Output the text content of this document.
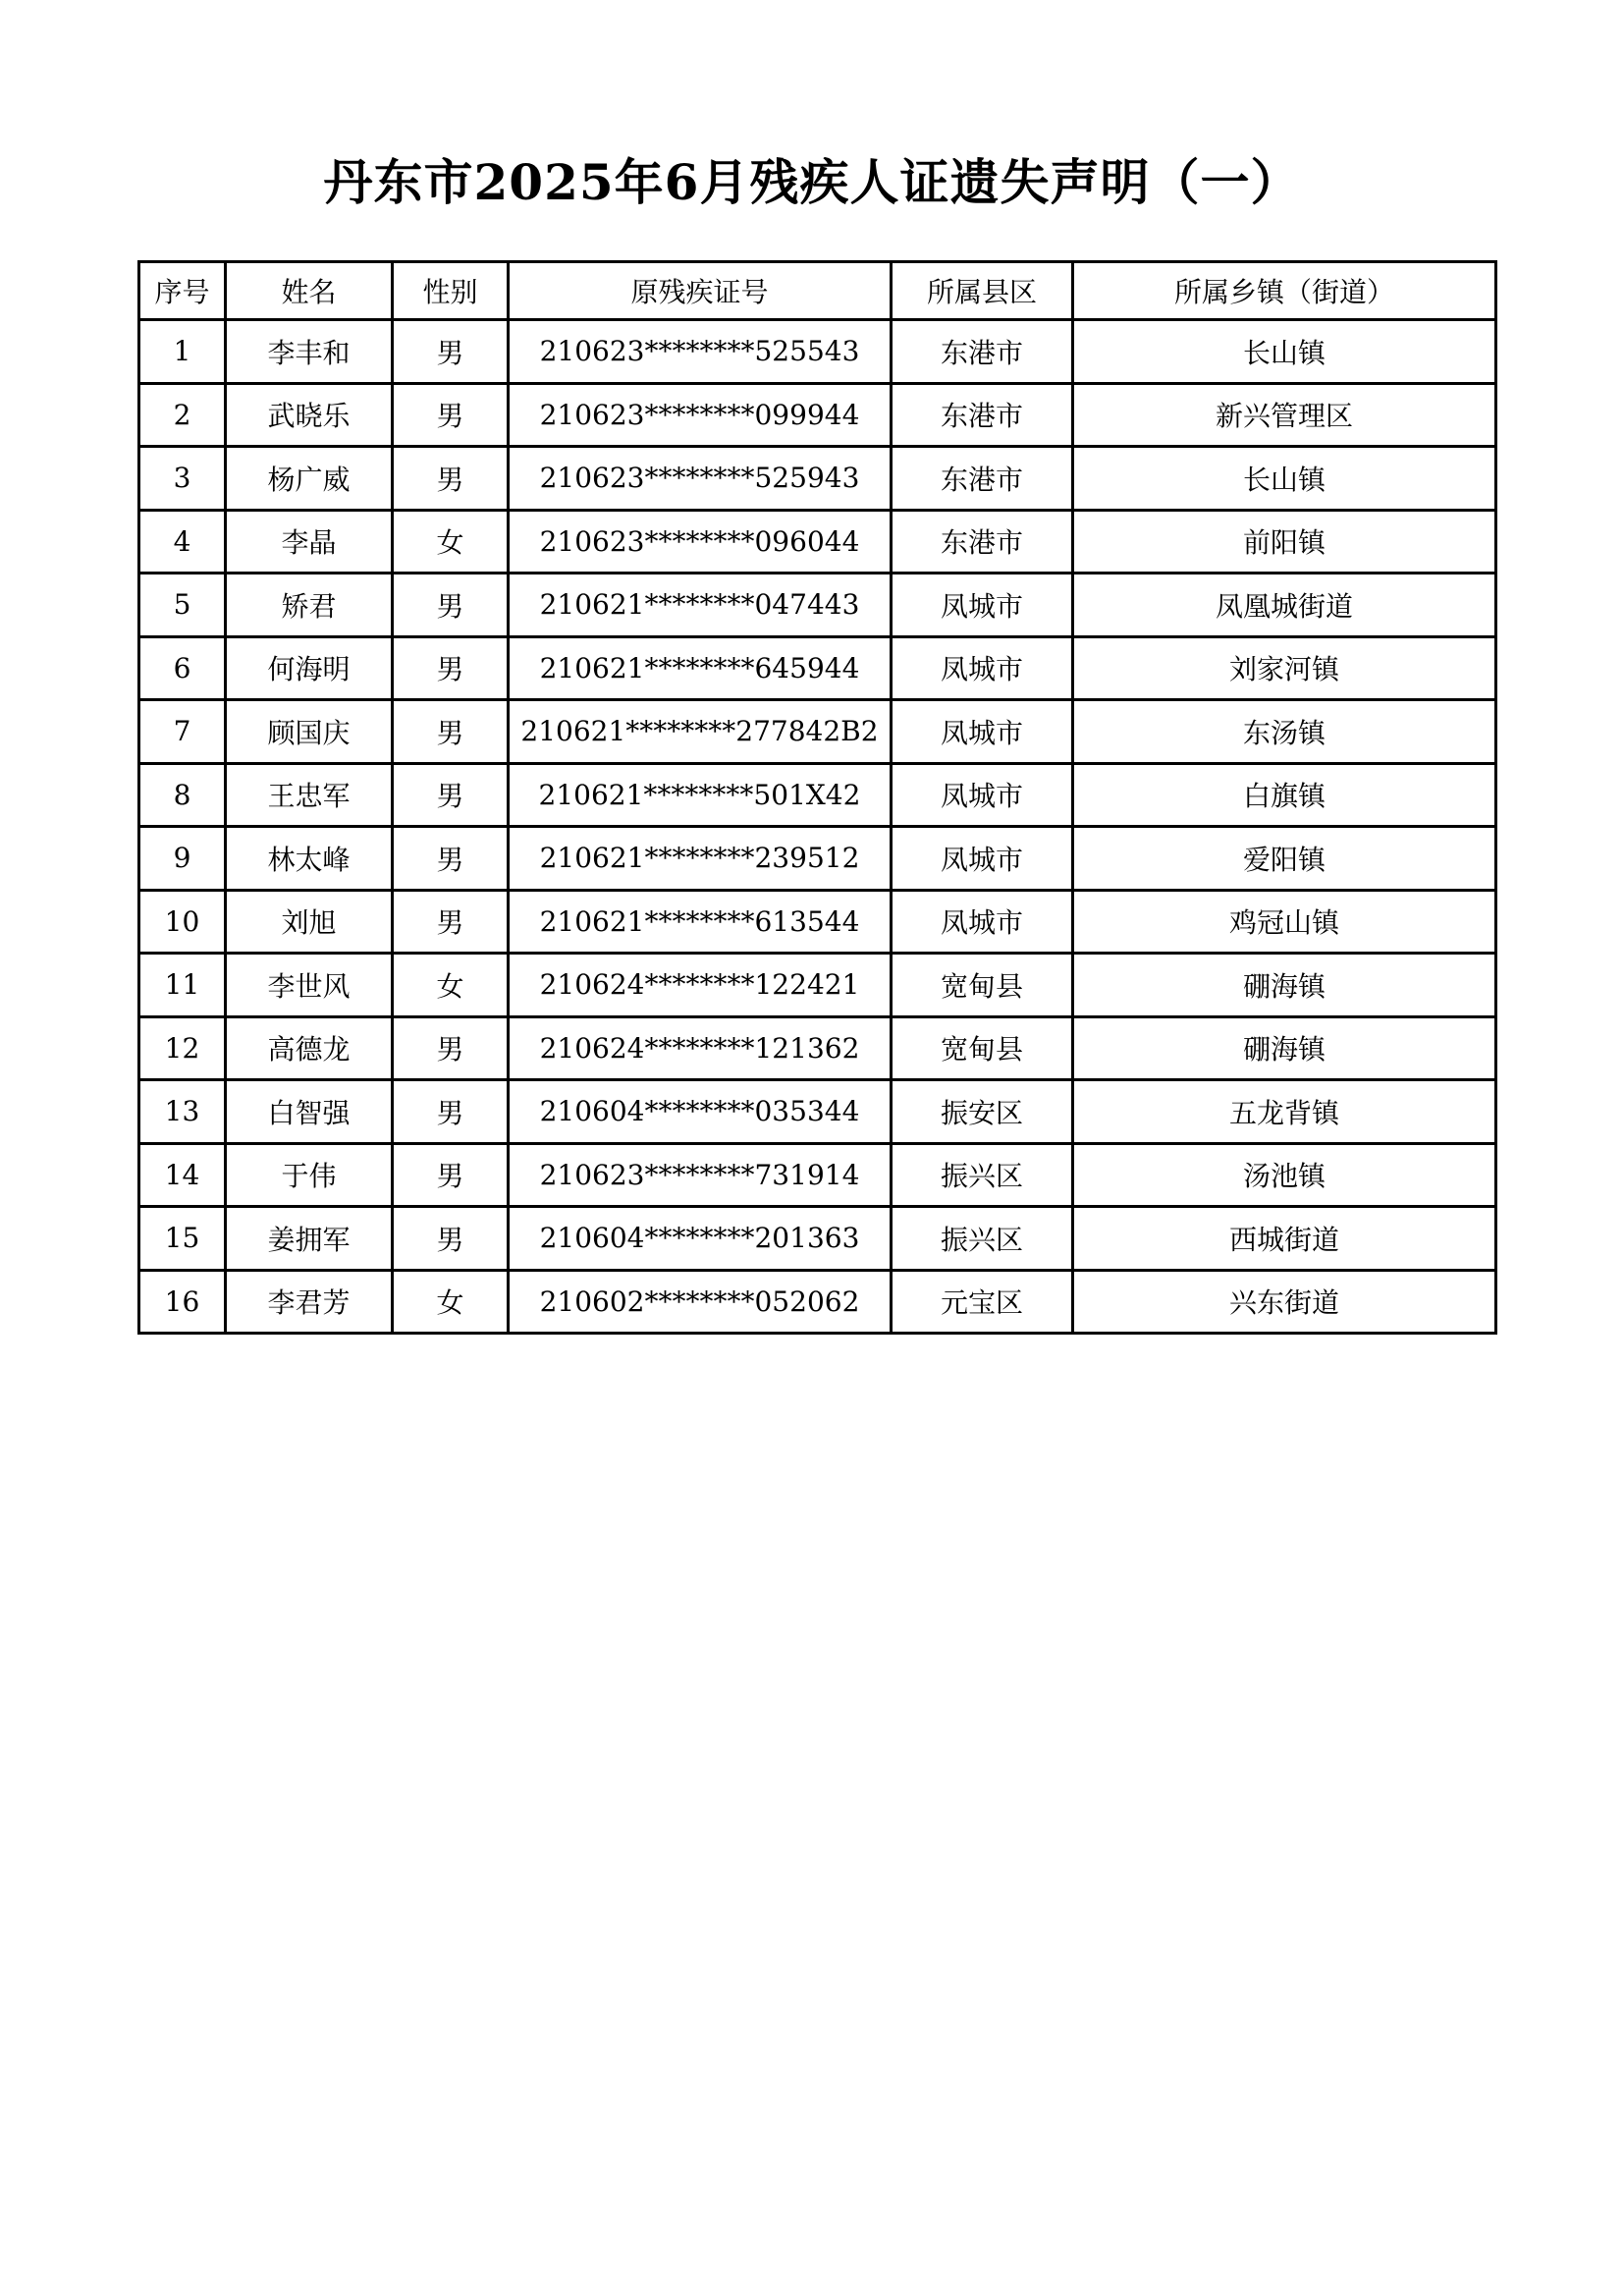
丹东市2025年6月残疾人证遗失声明（一）
序号	姓名	性别	原残疾证号	所属县区	所属乡镇（街道）
1	李丰和	男	210623********525543	东港市	长山镇
2	武晓乐	男	210623********099944	东港市	新兴管理区
3	杨广威	男	210623********525943	东港市	长山镇
4	李晶	女	210623********096044	东港市	前阳镇
5	矫君	男	210621********047443	凤城市	凤凰城街道
6	何海明	男	210621********645944	凤城市	刘家河镇
7	顾国庆	男	210621********277842B2	凤城市	东汤镇
8	王忠军	男	210621********501X42	凤城市	白旗镇
9	林太峰	男	210621********239512	凤城市	爱阳镇
10	刘旭	男	210621********613544	凤城市	鸡冠山镇
11	李世风	女	210624********122421	宽甸县	硼海镇
12	高德龙	男	210624********121362	宽甸县	硼海镇
13	白智强	男	210604********035344	振安区	五龙背镇
14	于伟	男	210623********731914	振兴区	汤池镇
15	姜拥军	男	210604********201363	振兴区	西城街道
16	李君芳	女	210602********052062	元宝区	兴东街道
